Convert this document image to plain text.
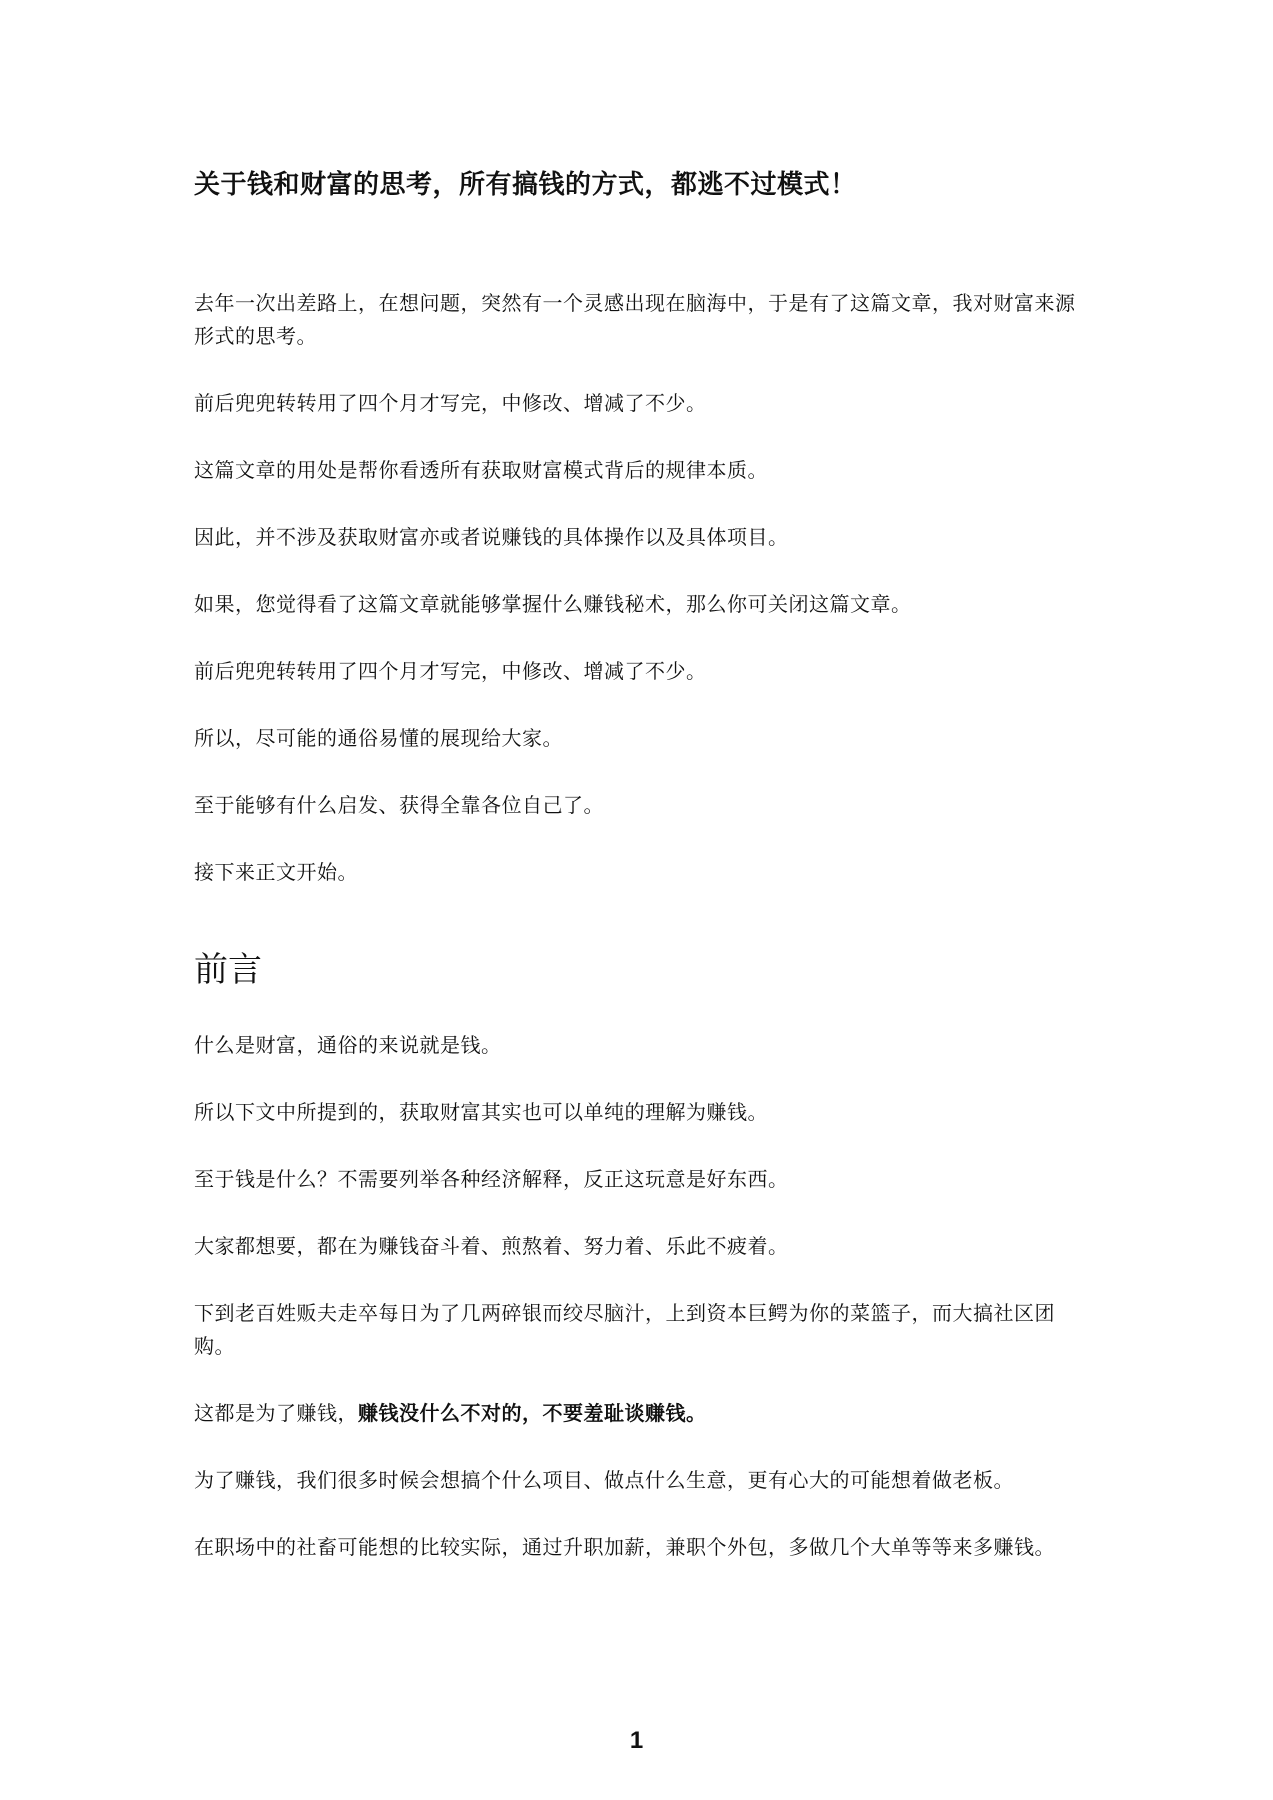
关于钱和财富的思考，所有搞钱的方式，都逃不过模式！

去年一次出差路上，在想问题，突然有一个灵感出现在脑海中，于是有了这篇文章，我对财富来源形式的思考。

前后兜兜转转用了四个月才写完，中修改、增减了不少。

这篇文章的用处是帮你看透所有获取财富模式背后的规律本质。

因此，并不涉及获取财富亦或者说赚钱的具体操作以及具体项目。

如果，您觉得看了这篇文章就能够掌握什么赚钱秘术，那么你可关闭这篇文章。

前后兜兜转转用了四个月才写完，中修改、增减了不少。

所以，尽可能的通俗易懂的展现给大家。

至于能够有什么启发、获得全靠各位自己了。

接下来正文开始。

前言

什么是财富，通俗的来说就是钱。

所以下文中所提到的，获取财富其实也可以单纯的理解为赚钱。

至于钱是什么？不需要列举各种经济解释，反正这玩意是好东西。

大家都想要，都在为赚钱奋斗着、煎熬着、努力着、乐此不疲着。

下到老百姓贩夫走卒每日为了几两碎银而绞尽脑汁，上到资本巨鳄为你的菜篮子，而大搞社区团购。

这都是为了赚钱，赚钱没什么不对的，不要羞耻谈赚钱。

为了赚钱，我们很多时候会想搞个什么项目、做点什么生意，更有心大的可能想着做老板。

在职场中的社畜可能想的比较实际，通过升职加薪，兼职个外包，多做几个大单等等来多赚钱。

1
